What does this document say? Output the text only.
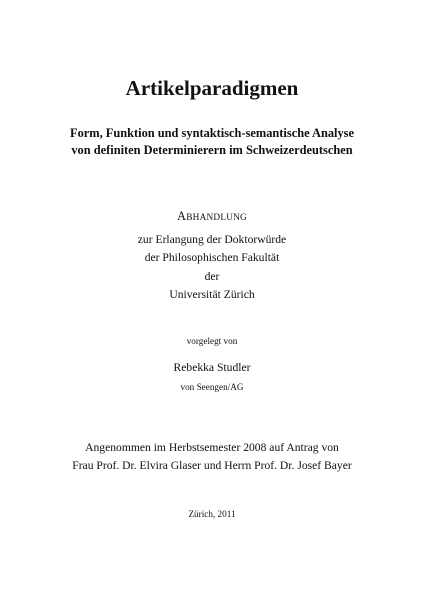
Artikelparadigmen
Form, Funktion und syntaktisch-semantische Analyse
von definiten Determinierern im Schweizerdeutschen
ABHANDLUNG
zur Erlangung der Doktorwürde
der Philosophischen Fakultät
der
Universität Zürich
vorgelegt von
Rebekka Studler
von Seengen/AG
Angenommen im Herbstsemester 2008 auf Antrag von
Frau Prof. Dr. Elvira Glaser und Herrn Prof. Dr. Josef Bayer
Zürich, 2011
